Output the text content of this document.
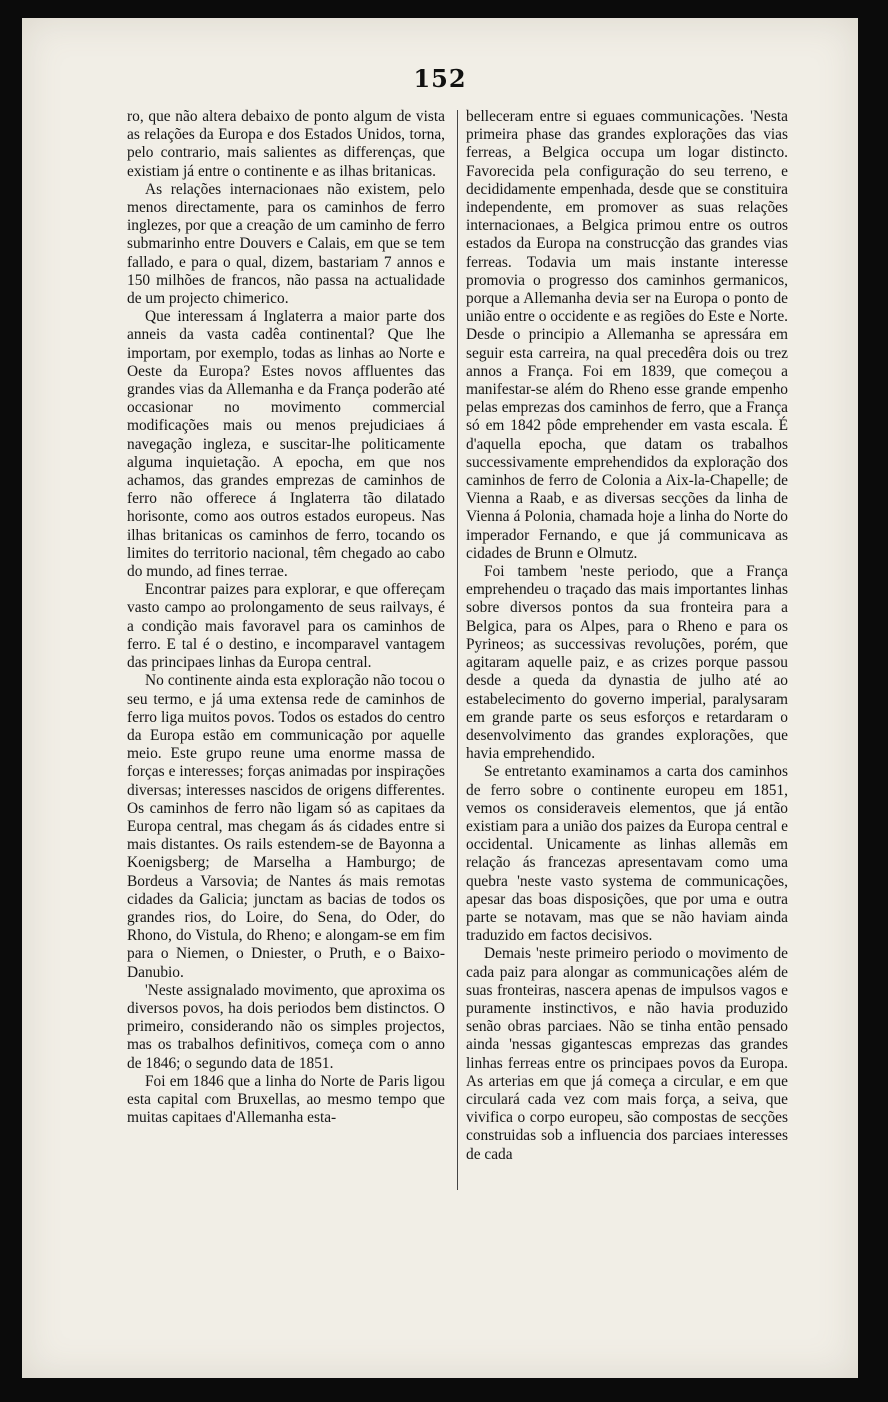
152

ro, que não altera debaixo de ponto algum de vista as relações da Europa e dos Estados Unidos, torna, pelo contrario, mais salientes as differenças, que existiam já entre o continente e as ilhas britanicas.

As relações internacionaes não existem, pelo menos directamente, para os caminhos de ferro inglezes, por que a creação de um caminho de ferro submarinho entre Douvers e Calais, em que se tem fallado, e para o qual, dizem, bastariam 7 annos e 150 milhões de francos, não passa na actualidade de um projecto chimerico.

Que interessam á Inglaterra a maior parte dos anneis da vasta cadêa continental? Que lhe importam, por exemplo, todas as linhas ao Norte e Oeste da Europa? Estes novos affluentes das grandes vias da Allemanha e da França poderão até occasionar no movimento commercial modificações mais ou menos prejudiciaes á navegação ingleza, e suscitar-lhe politicamente alguma inquietação. A epocha, em que nos achamos, das grandes emprezas de caminhos de ferro não offerece á Inglaterra tão dilatado horisonte, como aos outros estados europeus. Nas ilhas britanicas os caminhos de ferro, tocando os limites do territorio nacional, têm chegado ao cabo do mundo, ad fines terrae.

Encontrar paizes para explorar, e que offereçam vasto campo ao prolongamento de seus railvays, é a condição mais favoravel para os caminhos de ferro. E tal é o destino, e incomparavel vantagem das principaes linhas da Europa central.

No continente ainda esta exploração não tocou o seu termo, e já uma extensa rede de caminhos de ferro liga muitos povos. Todos os estados do centro da Europa estão em communicação por aquelle meio. Este grupo reune uma enorme massa de forças e interesses; forças animadas por inspirações diversas; interesses nascidos de origens differentes. Os caminhos de ferro não ligam só as capitaes da Europa central, mas chegam ás ás cidades entre si mais distantes. Os rails estendem-se de Bayonna a Koenigsberg; de Marselha a Hamburgo; de Bordeus a Varsovia; de Nantes ás mais remotas cidades da Galicia; junctam as bacias de todos os grandes rios, do Loire, do Sena, do Oder, do Rhono, do Vistula, do Rheno; e alongam-se em fim para o Niemen, o Dniester, o Pruth, e o Baixo-Danubio.

'Neste assignalado movimento, que aproxima os diversos povos, ha dois periodos bem distinctos. O primeiro, considerando não os simples projectos, mas os trabalhos definitivos, começa com o anno de 1846; o segundo data de 1851.

Foi em 1846 que a linha do Norte de Paris ligou esta capital com Bruxellas, ao mesmo tempo que muitas capitaes d'Allemanha esta-

belleceram entre si eguaes communicações. 'Nesta primeira phase das grandes explorações das vias ferreas, a Belgica occupa um logar distincto. Favorecida pela configuração do seu terreno, e decididamente empenhada, desde que se constituira independente, em promover as suas relações internacionaes, a Belgica primou entre os outros estados da Europa na construcção das grandes vias ferreas. Todavia um mais instante interesse promovia o progresso dos caminhos germanicos, porque a Allemanha devia ser na Europa o ponto de união entre o occidente e as regiões do Este e Norte. Desde o principio a Allemanha se apressára em seguir esta carreira, na qual precedêra dois ou trez annos a França. Foi em 1839, que começou a manifestar-se além do Rheno esse grande empenho pelas emprezas dos caminhos de ferro, que a França só em 1842 pôde emprehender em vasta escala. É d'aquella epocha, que datam os trabalhos successivamente emprehendidos da exploração dos caminhos de ferro de Colonia a Aix-la-Chapelle; de Vienna a Raab, e as diversas secções da linha de Vienna á Polonia, chamada hoje a linha do Norte do imperador Fernando, e que já communicava as cidades de Brunn e Olmutz.

Foi tambem 'neste periodo, que a França emprehendeu o traçado das mais importantes linhas sobre diversos pontos da sua fronteira para a Belgica, para os Alpes, para o Rheno e para os Pyrineos; as successivas revoluções, porém, que agitaram aquelle paiz, e as crizes porque passou desde a queda da dynastia de julho até ao estabelecimento do governo imperial, paralysaram em grande parte os seus esforços e retardaram o desenvolvimento das grandes explorações, que havia emprehendido.

Se entretanto examinamos a carta dos caminhos de ferro sobre o continente europeu em 1851, vemos os consideraveis elementos, que já então existiam para a união dos paizes da Europa central e occidental. Unicamente as linhas allemãs em relação ás francezas apresentavam como uma quebra 'neste vasto systema de communicações, apesar das boas disposições, que por uma e outra parte se notavam, mas que se não haviam ainda traduzido em factos decisivos.

Demais 'neste primeiro periodo o movimento de cada paiz para alongar as communicações além de suas fronteiras, nascera apenas de impulsos vagos e puramente instinctivos, e não havia produzido senão obras parciaes. Não se tinha então pensado ainda 'nessas gigantescas emprezas das grandes linhas ferreas entre os principaes povos da Europa. As arterias em que já começa a circular, e em que circulará cada vez com mais força, a seiva, que vivifica o corpo europeu, são compostas de secções construidas sob a influencia dos parciaes interesses de cada
